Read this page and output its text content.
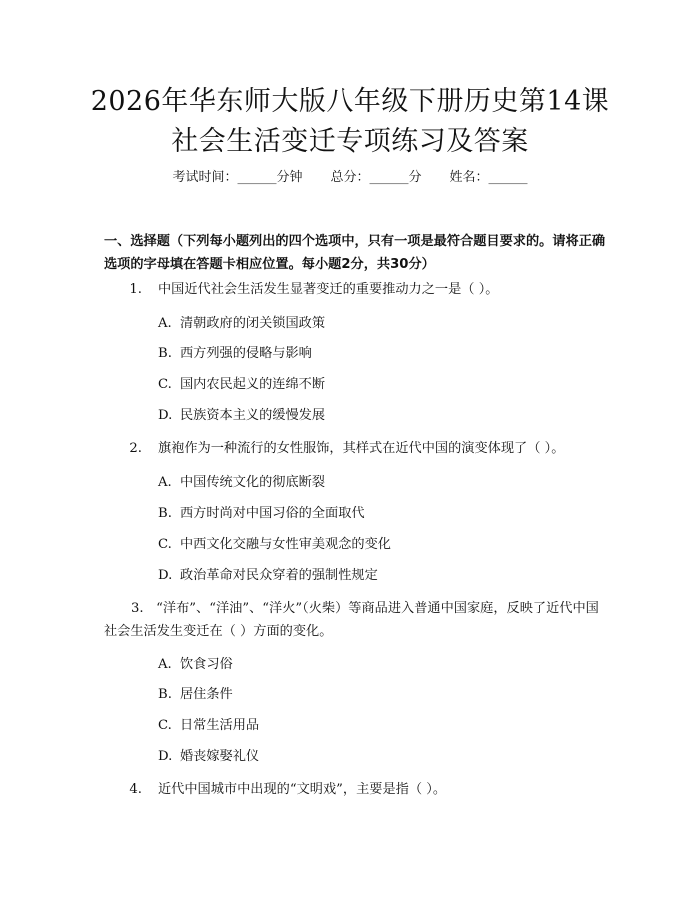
2026年华东师大版八年级下册历史第14课
社会生活变迁专项练习及答案
考试时间：______分钟 总分：______分 姓名：______
一、选择题（下列每小题列出的四个选项中，只有一项是最符合题目要求的。请将正确选项的字母填在答题卡相应位置。每小题2分，共30分）
1. 中国近代社会生活发生显著变迁的重要推动力之一是（ ）。
A. 清朝政府的闭关锁国政策
B. 西方列强的侵略与影响
C. 国内农民起义的连绵不断
D. 民族资本主义的缓慢发展
2. 旗袍作为一种流行的女性服饰，其样式在近代中国的演变体现了（ ）。
A. 中国传统文化的彻底断裂
B. 西方时尚对中国习俗的全面取代
C. 中西文化交融与女性审美观念的变化
D. 政治革命对民众穿着的强制性规定
3. “洋布”、“洋油”、“洋火”（火柴）等商品进入普通中国家庭，反映了近代中国社会生活发生变迁在（ ）方面的变化。
A. 饮食习俗
B. 居住条件
C. 日常生活用品
D. 婚丧嫁娶礼仪
4. 近代中国城市中出现的“文明戏”，主要是指（ ）。
